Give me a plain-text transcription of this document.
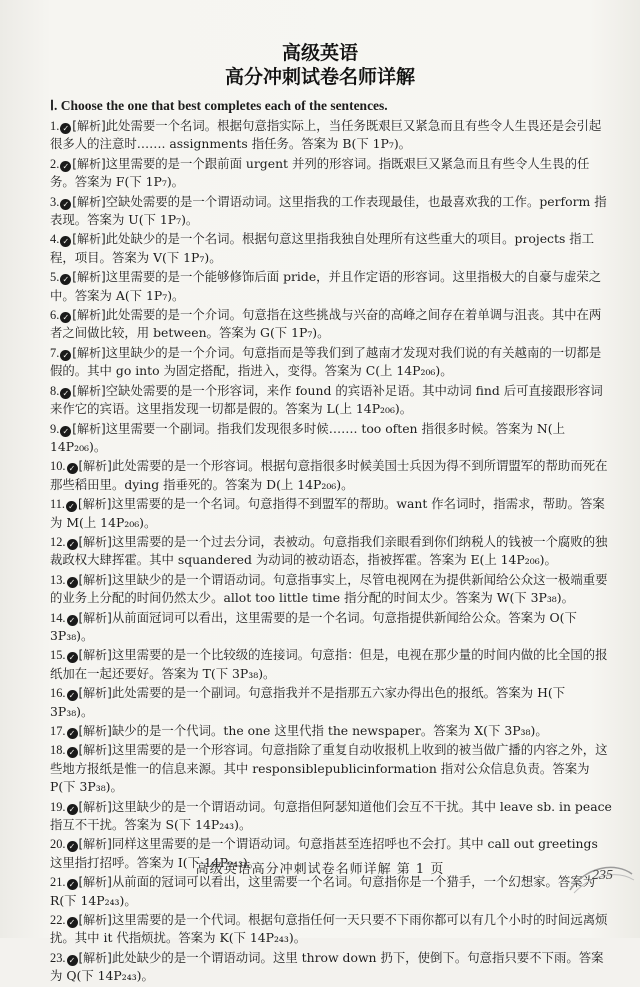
高级英语
高分冲刺试卷名师详解
Ⅰ. Choose the one that best completes each of the sentences.
1. ✓ [解析]此处需要一个名词。根据句意指实际上，当任务既艰巨又紧急而且有些令人生畏还是会引起很多人的注意时……. assignments 指任务。答案为 B(下 1P₇)。
2. ✓ [解析]这里需要的是一个跟前面 urgent 并列的形容词。指既艰巨又紧急而且有些令人生畏的任务。答案为 F(下 1P₇)。
3. ✓ [解析]空缺处需要的是一个谓语动词。这里指我的工作表现最佳，也最喜欢我的工作。perform 指表现。答案为 U(下 1P₇)。
4. ✓ [解析]此处缺少的是一个名词。根据句意这里指我独自处理所有这些重大的项目。projects 指工程，项目。答案为 V(下 1P₇)。
5. ✓ [解析]这里需要的是一个能够修饰后面 pride，并且作定语的形容词。这里指极大的自豪与虚荣之中。答案为 A(下 1P₇)。
6. ✓ [解析]此处需要的是一个介词。句意指在这些挑战与兴奋的高峰之间存在着单调与沮丧。其中在两者之间做比较，用 between。答案为 G(下 1P₇)。
7. ✓ [解析]这里缺少的是一个介词。句意指而是等我们到了越南才发现对我们说的有关越南的一切都是假的。其中 go into 为固定搭配，指进入，变得。答案为 C(上 14P₂₀₆)。
8. ✓ [解析]空缺处需要的是一个形容词，来作 found 的宾语补足语。其中动词 find 后可直接跟形容词来作它的宾语。这里指发现一切都是假的。答案为 L(上 14P₂₀₆)。
9. ✓ [解析]这里需要一个副词。指我们发现很多时候……. too often 指很多时候。答案为 N(上 14P₂₀₆)。
10. ✓ [解析]此处需要的是一个形容词。根据句意指很多时候美国士兵因为得不到所谓盟军的帮助而死在那些稻田里。dying 指垂死的。答案为 D(上 14P₂₀₆)。
11. ✓ [解析]这里需要的是一个名词。句意指得不到盟军的帮助。want 作名词时，指需求，帮助。答案为 M(上 14P₂₀₆)。
12. ✓ [解析]这里需要的是一个过去分词，表被动。句意指我们亲眼看到你们纳税人的钱被一个腐败的独裁政权大肆挥霍。其中 squandered 为动词的被动语态，指被挥霍。答案为 E(上 14P₂₀₆)。
13. ✓ [解析]这里缺少的是一个谓语动词。句意指事实上，尽管电视网在为提供新闻给公众这一极端重要的业务上分配的时间仍然太少。allot too little time 指分配的时间太少。答案为 W(下 3P₃₈)。
14. ✓ [解析]从前面冠词可以看出，这里需要的是一个名词。句意指提供新闻给公众。答案为 O(下 3P₃₈)。
15. ✓ [解析]这里需要的是一个比较级的连接词。句意指：但是，电视在那少量的时间内做的比全国的报纸加在一起还要好。答案为 T(下 3P₃₈)。
16. ✓ [解析]此处需要的是一个副词。句意指我并不是指那五六家办得出色的报纸。答案为 H(下 3P₃₈)。
17. ✓ [解析]缺少的是一个代词。the one 这里代指 the newspaper。答案为 X(下 3P₃₈)。
18. ✓ [解析]这里需要的是一个形容词。句意指除了重复自动收报机上收到的被当做广播的内容之外，这些地方报纸是惟一的信息来源。其中 responsiblepublicinformation 指对公众信息负责。答案为 P(下 3P₃₈)。
19. ✓ [解析]这里缺少的是一个谓语动词。句意指但阿瑟知道他们会互不干扰。其中 leave sb. in peace 指互不干扰。答案为 S(下 14P₂₄₃)。
20. ✓ [解析]同样这里需要的是一个谓语动词。句意指甚至连招呼也不会打。其中 call out greetings 这里指打招呼。答案为 I(下 14P₂₄₃)。
21. ✓ [解析]从前面的冠词可以看出，这里需要一个名词。句意指你是一个猎手，一个幻想家。答案为 R(下 14P₂₄₃)。
22. ✓ [解析]这里需要的是一个代词。根据句意指任何一天只要不下雨你都可以有几个小时的时间远离烦扰。其中 it 代指烦扰。答案为 K(下 14P₂₄₃)。
23. ✓ [解析]此处缺少的是一个谓语动词。这里 throw down 扔下，使倒下。句意指只要不下雨。答案为 Q(下 14P₂₄₃)。
高级英语高分冲刺试卷名师详解 第 1 页	235
